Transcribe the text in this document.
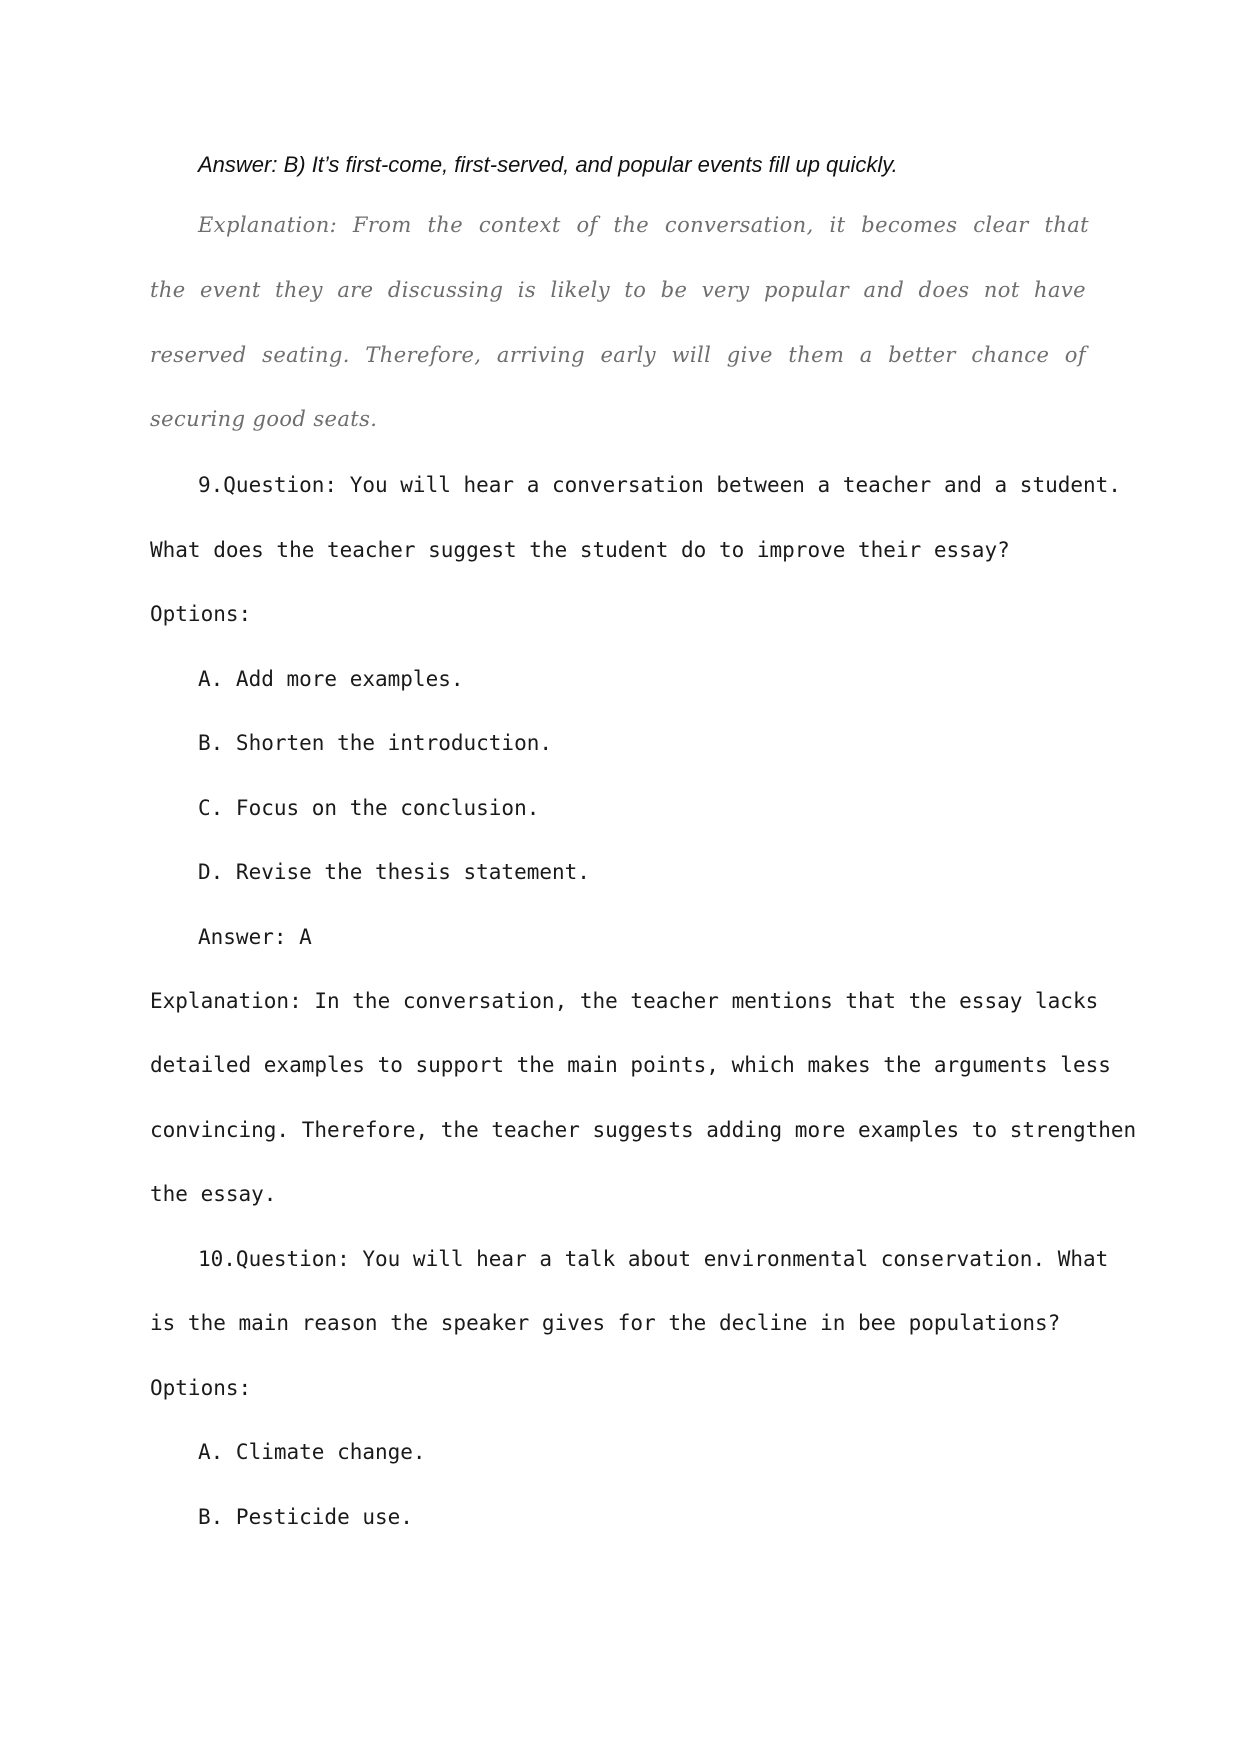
Answer: B) It’s first-come, first-served, and popular events fill up quickly.
Explanation: From the context of the conversation, it becomes clear that
the event they are discussing is likely to be very popular and does not have
reserved seating. Therefore, arriving early will give them a better chance of
securing good seats.
9.Question: You will hear a conversation between a teacher and a student.
What does the teacher suggest the student do to improve their essay?
Options:
A. Add more examples.
B. Shorten the introduction.
C. Focus on the conclusion.
D. Revise the thesis statement.
Answer: A
Explanation: In the conversation, the teacher mentions that the essay lacks
detailed examples to support the main points, which makes the arguments less
convincing. Therefore, the teacher suggests adding more examples to strengthen
the essay.
10.Question: You will hear a talk about environmental conservation. What
is the main reason the speaker gives for the decline in bee populations?
Options:
A. Climate change.
B. Pesticide use.
